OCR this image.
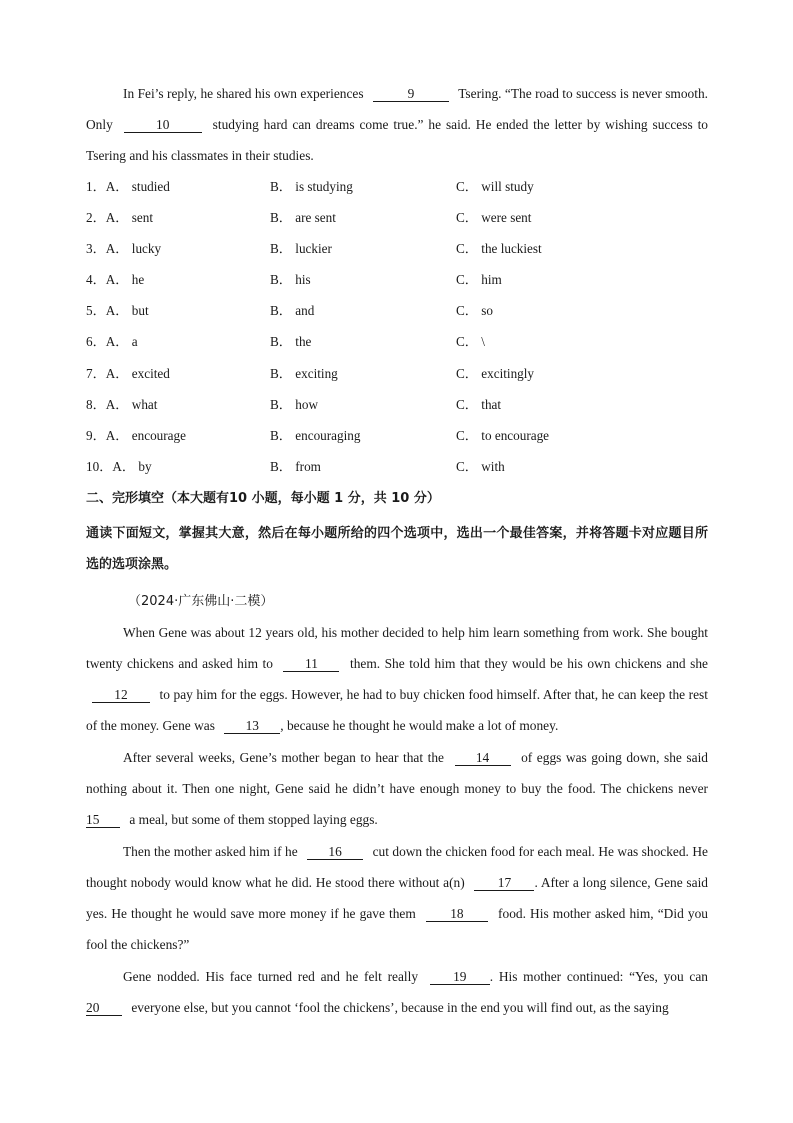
In Fei’s reply, he shared his own experiences	9	Tsering. “The road to success is never smooth. Only	10	studying hard can dreams come true.” he said. He ended the letter by wishing success to Tsering and his classmates in their studies.
1．A． studied	B． is studying	C． will study
2．A． sent	B． are sent	C． were sent
3．A． lucky	B． luckier	C． the luckiest
4．A． he	B． his	C． him
5．A． but	B． and	C． so
6．A． a	B． the	C． \
7．A． excited	B． exciting	C． excitingly
8．A． what	B． how	C． that
9．A． encourage	B． encouraging	C． to encourage
10．A． by	B． from	C． with
二、完形填空（本大题有10 小题，每小题 1 分，共 10 分）
通读下面短文，掌握其大意，然后在每小题所给的四个选项中，选出一个最佳答案，并将答题卡对应题目所选的选项涂黑。
（2024·广东佛山·二模）
When Gene was about 12 years old, his mother decided to help him learn something from work. She bought twenty chickens and asked him to 11 them. She told him that they would be his own chickens and she 12 to pay him for the eggs. However, he had to buy chicken food himself. After that, he can keep the rest of the money. Gene was 13 , because he thought he would make a lot of money.
After several weeks, Gene’s mother began to hear that the 14 of eggs was going down, she said nothing about it. Then one night, Gene said he didn’t have enough money to buy the food. The chickens never 15 a meal, but some of them stopped laying eggs.
Then the mother asked him if he 16 cut down the chicken food for each meal. He was shocked. He thought nobody would know what he did. He stood there without a(n) 17 . After a long silence, Gene said yes. He thought he would save more money if he gave them	18	food. His mother asked him, “Did you fool the chickens?”
Gene nodded. His face turned red and he felt really	19 . His mother continued: “Yes, you can 20 everyone else, but you cannot ‘fool the chickens’, because in the end you will find out, as the saying
